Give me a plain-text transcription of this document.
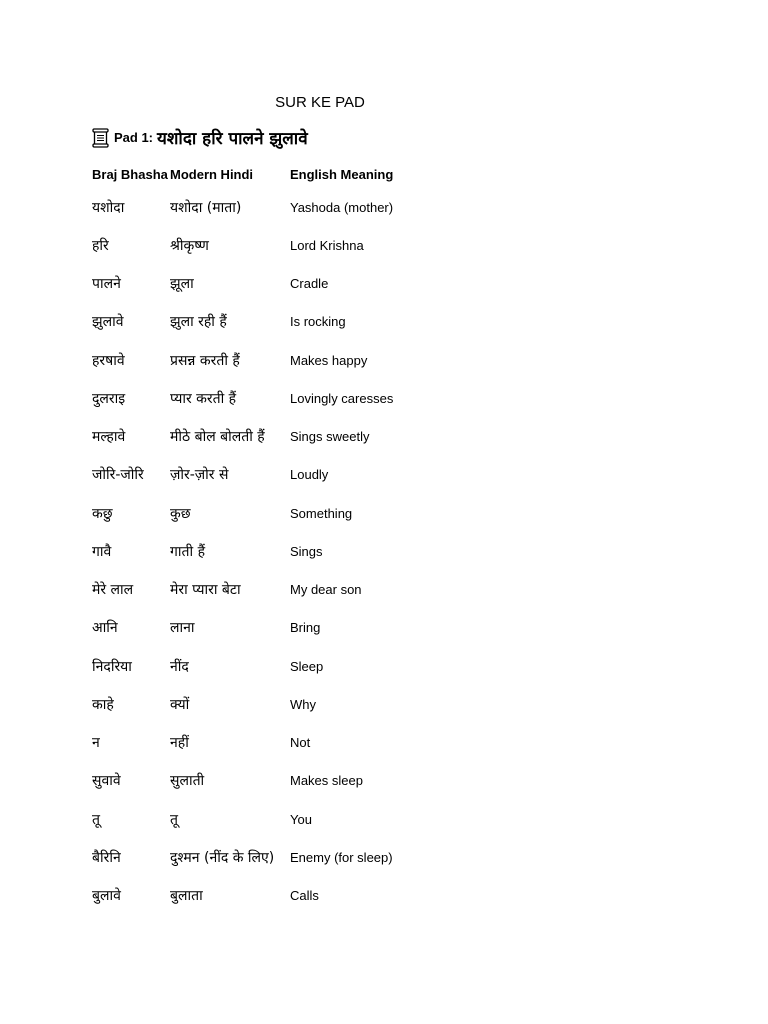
SUR KE PAD
Pad 1: यशोदा हरि पालने झुलावे
Braj Bhasha	Modern Hindi	English Meaning
यशोदा	यशोदा (माता)	Yashoda (mother)
हरि	श्रीकृष्ण	Lord Krishna
पालने	झूला	Cradle
झुलावे	झुला रही हैं	Is rocking
हरषावे	प्रसन्न करती हैं	Makes happy
दुलराइ	प्यार करती हैं	Lovingly caresses
मल्हावे	मीठे बोल बोलती हैं	Sings sweetly
जोरि-जोरि	ज़ोर-ज़ोर से	Loudly
कछु	कुछ	Something
गावै	गाती हैं	Sings
मेरे लाल	मेरा प्यारा बेटा	My dear son
आनि	लाना	Bring
निदरिया	नींद	Sleep
काहे	क्यों	Why
न	नहीं	Not
सुवावे	सुलाती	Makes sleep
तू	तू	You
बैरिनि	दुश्मन (नींद के लिए)	Enemy (for sleep)
बुलावे	बुलाता	Calls
